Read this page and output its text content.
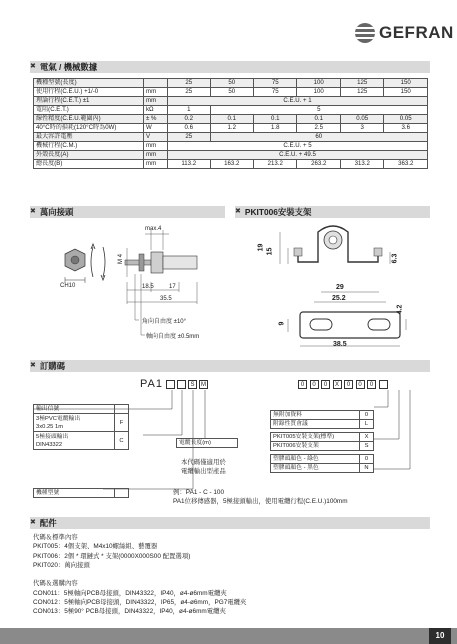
GEFRAN
✖ 電氣 / 機械數據
機種型號(長度)		25	50	75	100	125	150
使用行程(C.E.U.) +1/-0	mm	25	50	75	100	125	150
理論行程(C.E.T.) ±1	mm	C.E.U. + 1					
電阻(C.E.T.)	kΩ	1	5				
線性精度(C.E.U.範圍內)	± %	0.2	0.1	0.1	0.1	0.05	0.05
40°C時的損耗(120°C時為0W)	W	0.6	1.2	1.8	2.5	3	3.6
最大容許電壓	V	25	60				
機械行程(C.M.)	mm	C.E.U. + 5					
外殼長度(A)	mm	C.E.U. + 49.5					
總長度(B)	mm	113.2	163.2	213.2	263.2	313.2	363.2
✖ 萬向接頭	✖ PKIT006安裝支架
max.4
M 4
CH10	18.5	17
35.5
角向自由度 ±10°
軸向自由度 ±0.5mm
19
15
6.3
29
25.2
9
4.2
38.5
✖ 訂購碼
PA1	S	M	0	0	0	X	0	0	0
輸出信號	
3極PVC電纜輸出
3x0.25 1m	F
5極接頭輸出
DIN43322	C
機種型號	
電纜長度(m)
本代碼僅適用於
電纜輸出型產品
無附加資料	0
附錄性質會議	L

PKIT005安裝支架(標準)	X
PKIT006安裝支架	S

塑膠頭顏色 - 綠色	0
塑膠頭顏色 - 黑色	N
例：PA1 - C - 100
PA1位移傳感器，5極接頭輸出，使用電纜行程(C.E.U.)100mm
✖ 配件
代碼＆標準內容
PKIT005：4個支架、M4x10螺絲組、藝覆器
PKIT006：2個 * 環鏈式 * 支架(0000X000S00 配置選項)
PKIT020：萬向接頭
代碼＆選購內容
CON011：5極軸向PCB母接頭，DIN43322，IP40，ø4-ø6mm電纜夾
CON012：5極軸向PCB母接頭，DIN43322，IP65，ø4-ø6mm，PG7電纜夾
CON013：5極90° PCB母接頭，DIN43322，IP40，ø4-ø6mm電纜夾
10
